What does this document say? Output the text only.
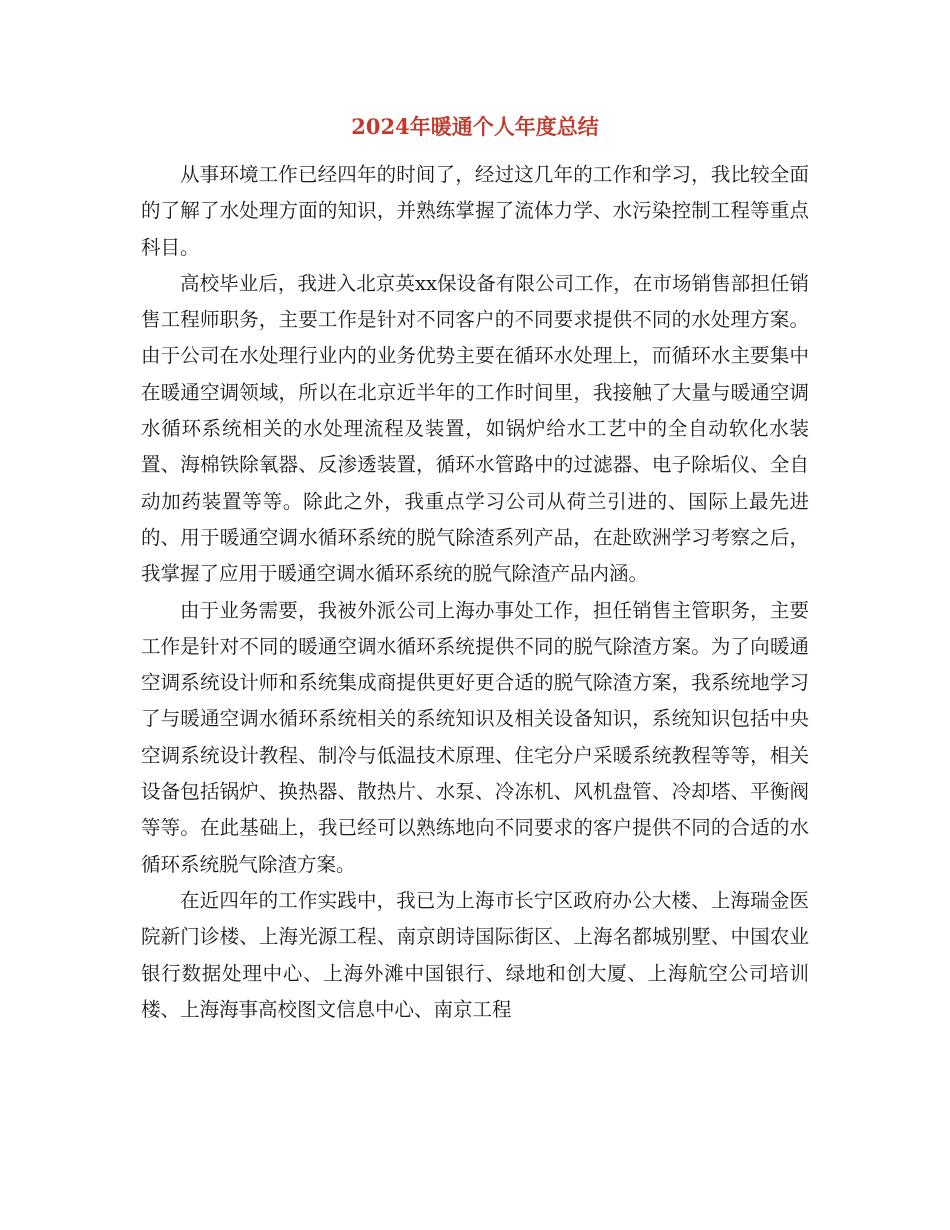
2024年暖通个人年度总结

从事环境工作已经四年的时间了，经过这几年的工作和学习，我比较全面的了解了水处理方面的知识，并熟练掌握了流体力学、水污染控制工程等重点科目。

高校毕业后，我进入北京英xx保设备有限公司工作，在市场销售部担任销售工程师职务，主要工作是针对不同客户的不同要求提供不同的水处理方案。由于公司在水处理行业内的业务优势主要在循环水处理上，而循环水主要集中在暖通空调领域，所以在北京近半年的工作时间里，我接触了大量与暖通空调水循环系统相关的水处理流程及装置，如锅炉给水工艺中的全自动软化水装置、海棉铁除氧器、反渗透装置，循环水管路中的过滤器、电子除垢仪、全自动加药装置等等。除此之外，我重点学习公司从荷兰引进的、国际上最先进的、用于暖通空调水循环系统的脱气除渣系列产品，在赴欧洲学习考察之后，我掌握了应用于暖通空调水循环系统的脱气除渣产品内涵。

由于业务需要，我被外派公司上海办事处工作，担任销售主管职务，主要工作是针对不同的暖通空调水循环系统提供不同的脱气除渣方案。为了向暖通空调系统设计师和系统集成商提供更好更合适的脱气除渣方案，我系统地学习了与暖通空调水循环系统相关的系统知识及相关设备知识，系统知识包括中央空调系统设计教程、制冷与低温技术原理、住宅分户采暖系统教程等等，相关设备包括锅炉、换热器、散热片、水泵、冷冻机、风机盘管、冷却塔、平衡阀等等。在此基础上，我已经可以熟练地向不同要求的客户提供不同的合适的水循环系统脱气除渣方案。

在近四年的工作实践中，我已为上海市长宁区政府办公大楼、上海瑞金医院新门诊楼、上海光源工程、南京朗诗国际街区、上海名都城别墅、中国农业银行数据处理中心、上海外滩中国银行、绿地和创大厦、上海航空公司培训楼、上海海事高校图文信息中心、南京工程
